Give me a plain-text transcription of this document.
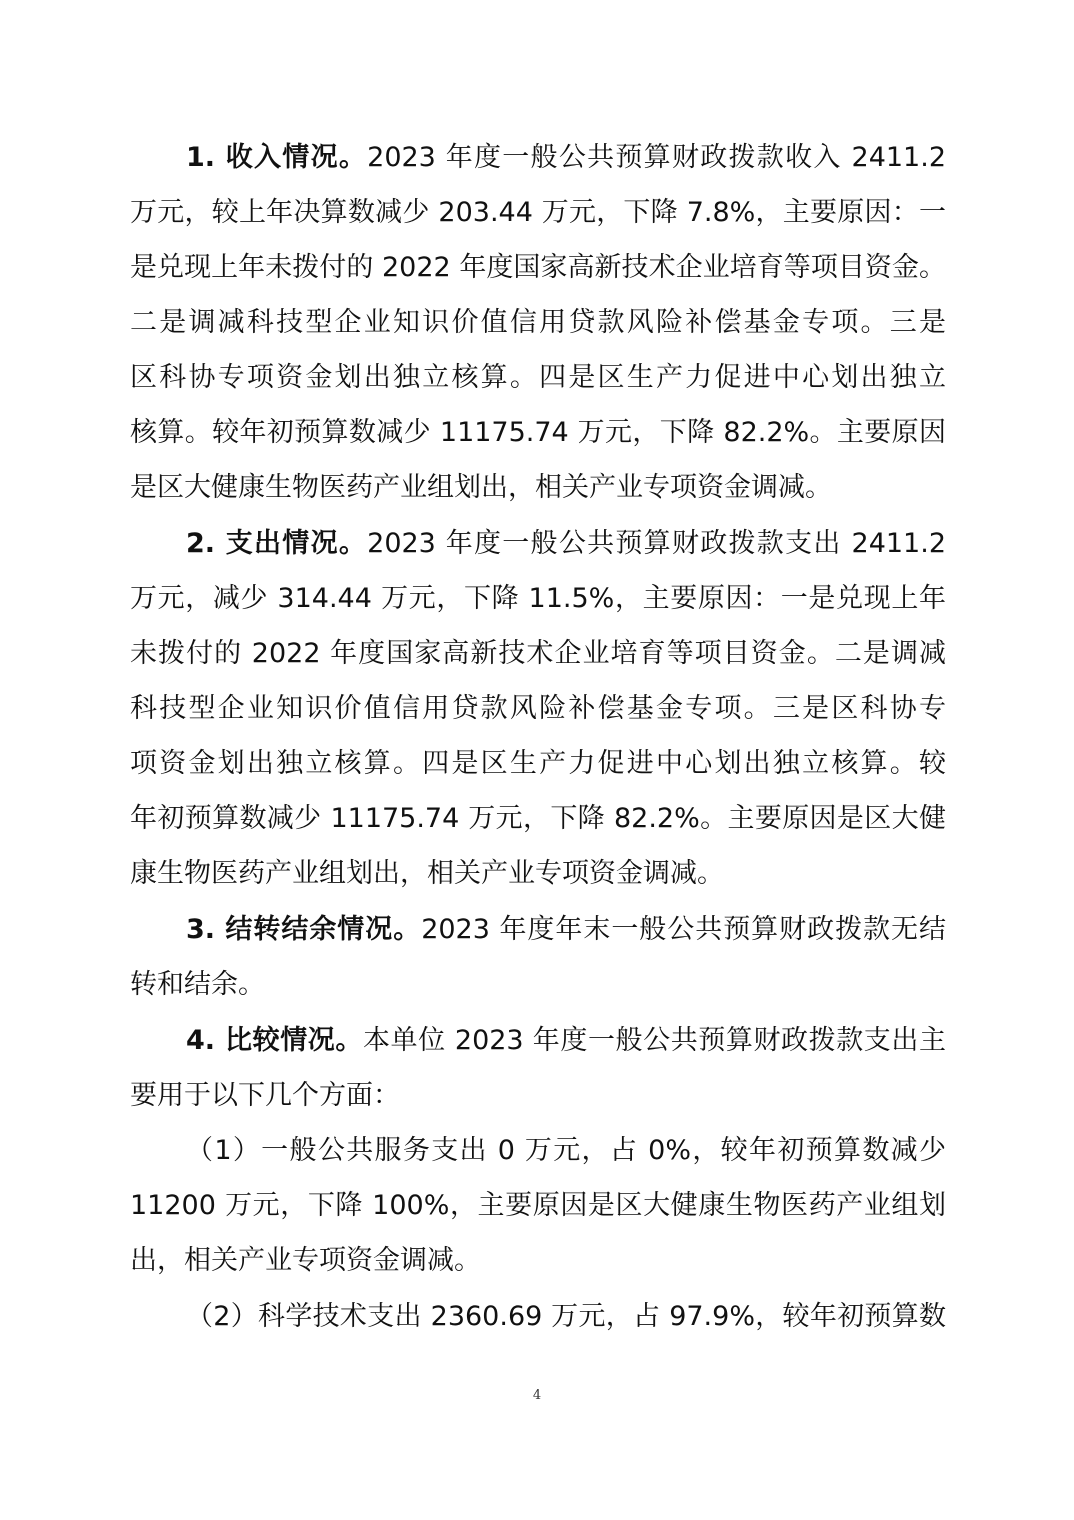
1. 收入情况。2023 年度一般公共预算财政拨款收入 2411.2
万元，较上年决算数减少 203.44 万元，下降 7.8%，主要原因：一
是兑现上年未拨付的 2022 年度国家高新技术企业培育等项目资金。
二是调减科技型企业知识价值信用贷款风险补偿基金专项。三是
区科协专项资金划出独立核算。四是区生产力促进中心划出独立
核算。较年初预算数减少 11175.74 万元，下降 82.2%。主要原因
是区大健康生物医药产业组划出，相关产业专项资金调减。
2. 支出情况。2023 年度一般公共预算财政拨款支出 2411.2
万元，减少 314.44 万元，下降 11.5%，主要原因：一是兑现上年
未拨付的 2022 年度国家高新技术企业培育等项目资金。二是调减
科技型企业知识价值信用贷款风险补偿基金专项。三是区科协专
项资金划出独立核算。四是区生产力促进中心划出独立核算。较
年初预算数减少 11175.74 万元，下降 82.2%。主要原因是区大健
康生物医药产业组划出，相关产业专项资金调减。
3. 结转结余情况。2023 年度年末一般公共预算财政拨款无结
转和结余。
4. 比较情况。本单位 2023 年度一般公共预算财政拨款支出主
要用于以下几个方面：
（1）一般公共服务支出 0 万元，占 0%，较年初预算数减少
11200 万元，下降 100%，主要原因是区大健康生物医药产业组划
出，相关产业专项资金调减。
（2）科学技术支出 2360.69 万元，占 97.9%，较年初预算数
4
